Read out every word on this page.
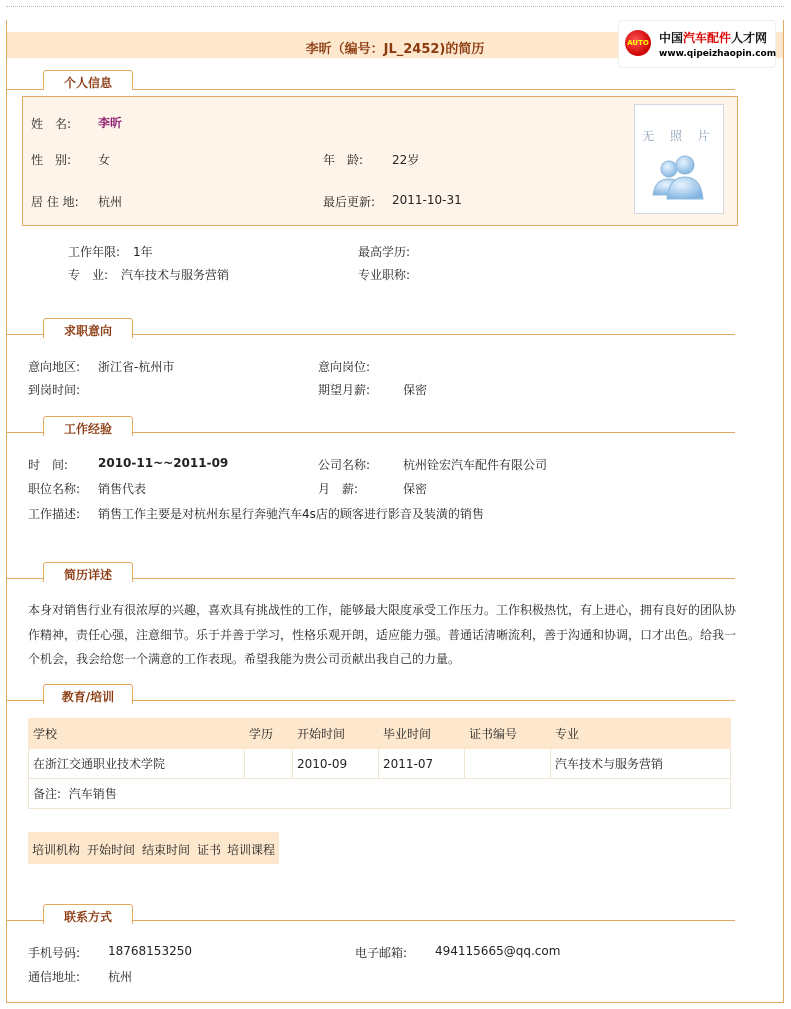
李昕（编号：JL_2452)的简历	AUTO 中国汽车配件人才网
www.qipeizhaopin.com
个人信息
姓　名: 李昕
性　别: 女	年　龄: 22岁
居 住 地: 杭州	最后更新: 2011-10-31
无 照 片
工作年限: 1年	最高学历:
专　业: 汽车技术与服务营销	专业职称:
求职意向
意向地区: 浙江省-杭州市	意向岗位:
到岗时间:	期望月薪:	保密
工作经验
时　间: 2010-11~~2011-09	公司名称:	杭州铨宏汽车配件有限公司
职位名称: 销售代表	月　薪:	保密
工作描述: 销售工作主要是对杭州东星行奔驰汽车4s店的顾客进行影音及装潢的销售
简历详述
本身对销售行业有很浓厚的兴趣，喜欢具有挑战性的工作，能够最大限度承受工作压力。工作积极热忱，有上进心，拥有良好的团队协
作精神，责任心强，注意细节。乐于并善于学习，性格乐观开朗，适应能力强。普通话清晰流利，善于沟通和协调，口才出色。给我一
个机会，我会给您一个满意的工作表现。希望我能为贵公司贡献出我自己的力量。
教育/培训
学校	学历	开始时间	毕业时间	证书编号	专业
在浙江交通职业技术学院		2010-09	2011-07		汽车技术与服务营销
备注: 汽车销售					
培训机构 开始时间 结束时间 证书 培训课程
联系方式
手机号码: 18768153250	电子邮箱: 494115665@qq.com
通信地址: 杭州
